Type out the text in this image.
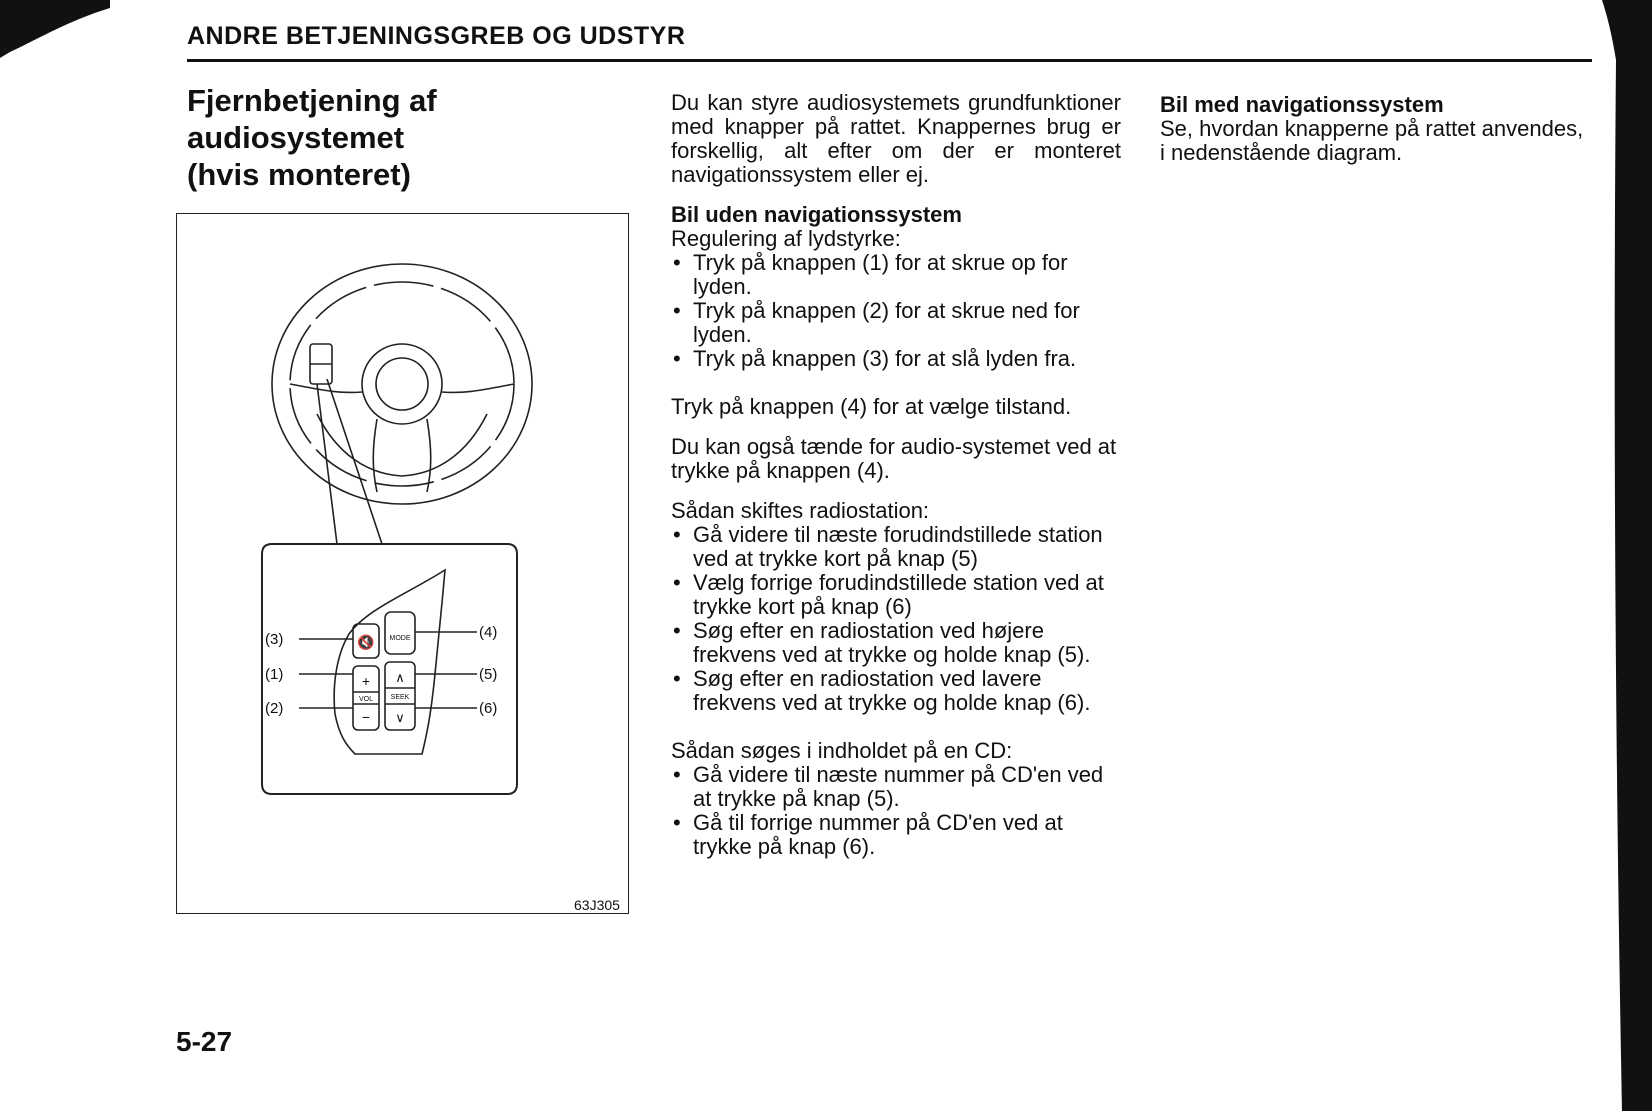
ANDRE BETJENINGSGREB OG UDSTYR
Fjernbetjening af
audiosystemet
(hvis monteret)
(3)
(1)
(2)
(4)
(5)
(6)
🔇 MODE
+
VOL
−
∧
SEEK
∨
63J305

Du kan styre audiosystemets grundfunktioner med knapper på rattet. Knappernes brug er forskellig, alt efter om der er monteret navigationssystem eller ej.

Bil uden navigationssystem

Regulering af lydstyrke:

• Tryk på knappen (1) for at skrue op for lyden.
• Tryk på knappen (2) for at skrue ned for lyden.
• Tryk på knappen (3) for at slå lyden fra.

Tryk på knappen (4) for at vælge tilstand.

Du kan også tænde for audio-systemet ved at trykke på knappen (4).

Sådan skiftes radiostation:

• Gå videre til næste forudindstillede station ved at trykke kort på knap (5)
• Vælg forrige forudindstillede station ved at trykke kort på knap (6)
• Søg efter en radiostation ved højere frekvens ved at trykke og holde knap (5).
• Søg efter en radiostation ved lavere frekvens ved at trykke og holde knap (6).

Sådan søges i indholdet på en CD:

• Gå videre til næste nummer på CD'en ved at trykke på knap (5).
• Gå til forrige nummer på CD'en ved at trykke på knap (6).

Bil med navigationssystem

Se, hvordan knapperne på rattet anvendes, i nedenstående diagram.

5-27
